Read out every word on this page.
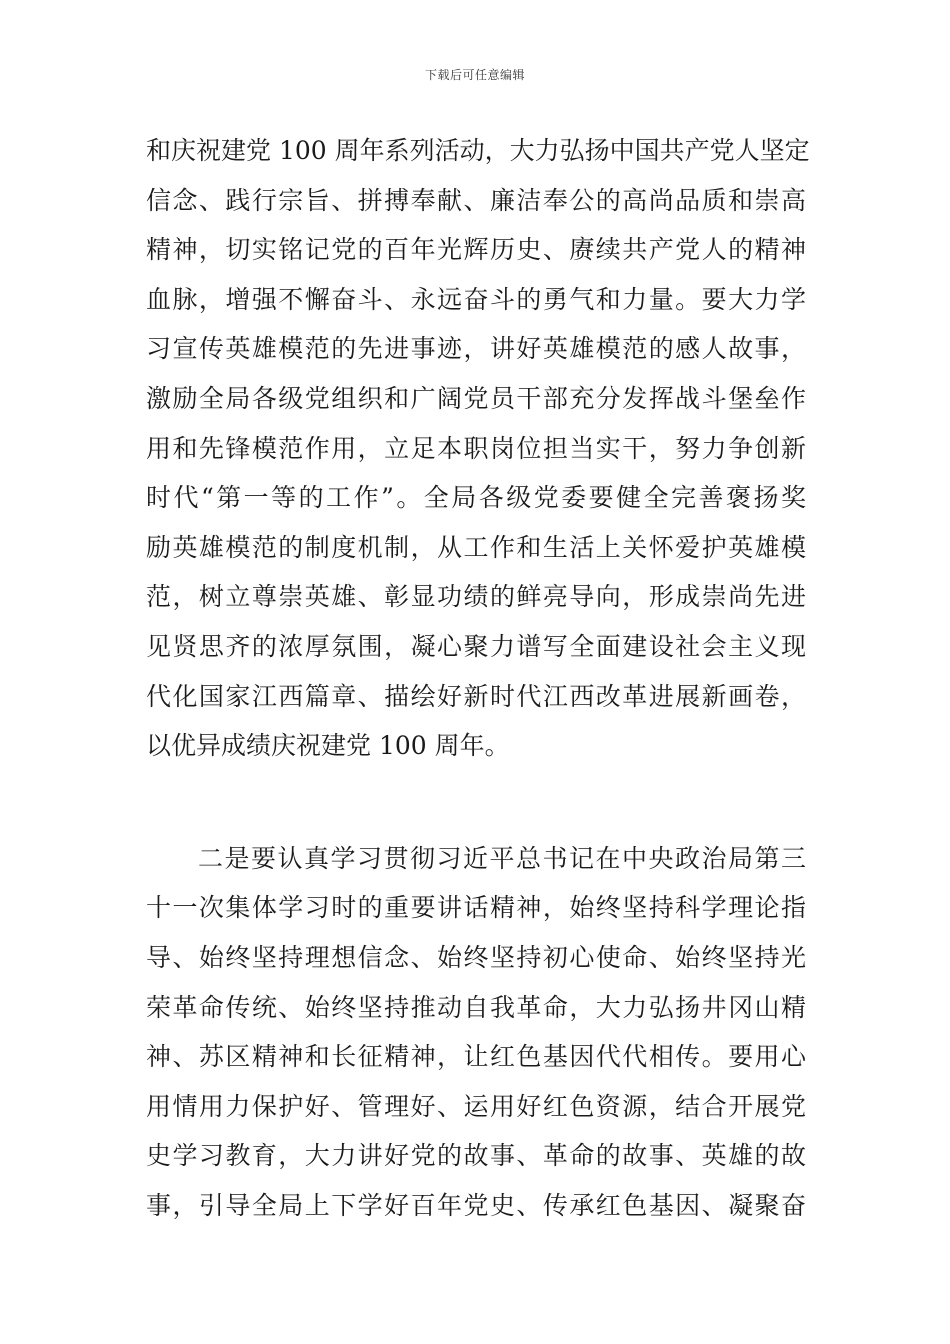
下载后可任意编辑
和庆祝建党 100 周年系列活动，大力弘扬中国共产党人坚定
信念、践行宗旨、拼搏奉献、廉洁奉公的高尚品质和崇高
精神，切实铭记党的百年光辉历史、赓续共产党人的精神
血脉，增强不懈奋斗、永远奋斗的勇气和力量。要大力学
习宣传英雄模范的先进事迹，讲好英雄模范的感人故事，
激励全局各级党组织和广阔党员干部充分发挥战斗堡垒作
用和先锋模范作用，立足本职岗位担当实干，努力争创新
时代“第一等的工作”。全局各级党委要健全完善褒扬奖
励英雄模范的制度机制，从工作和生活上关怀爱护英雄模
范，树立尊崇英雄、彰显功绩的鲜亮导向，形成崇尚先进
见贤思齐的浓厚氛围，凝心聚力谱写全面建设社会主义现
代化国家江西篇章、描绘好新时代江西改革进展新画卷，
以优异成绩庆祝建党 100 周年。
二是要认真学习贯彻习近平总书记在中央政治局第三
十一次集体学习时的重要讲话精神，始终坚持科学理论指
导、始终坚持理想信念、始终坚持初心使命、始终坚持光
荣革命传统、始终坚持推动自我革命，大力弘扬井冈山精
神、苏区精神和长征精神，让红色基因代代相传。要用心
用情用力保护好、管理好、运用好红色资源，结合开展党
史学习教育，大力讲好党的故事、革命的故事、英雄的故
事，引导全局上下学好百年党史、传承红色基因、凝聚奋
